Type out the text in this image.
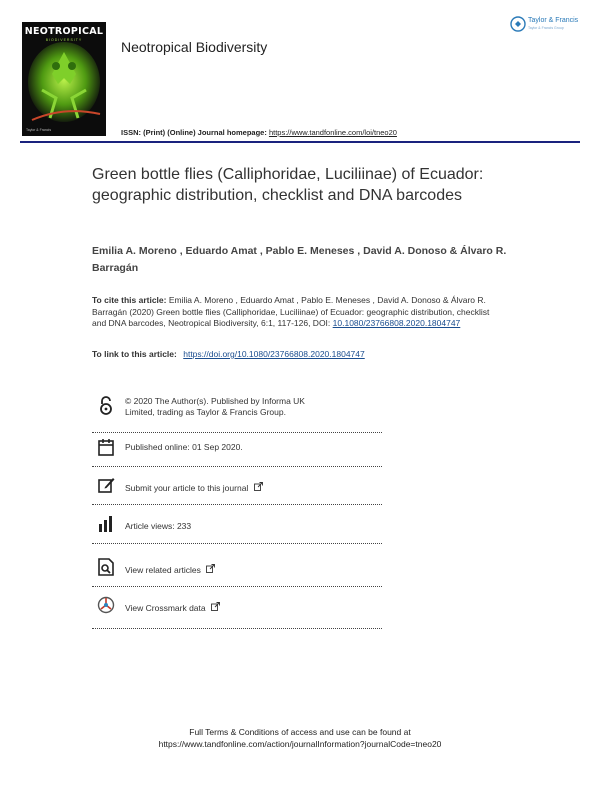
NEOTROPICAL
BIODIVERSITY
Taylor & Francis
Neotropical Biodiversity
Taylor & Francis
Taylor & Francis Group
ISSN: (Print) (Online) Journal homepage: https://www.tandfonline.com/loi/tneo20
Green bottle flies (Calliphoridae, Luciliinae) of Ecuador: geographic distribution, checklist and DNA barcodes
Emilia A. Moreno , Eduardo Amat , Pablo E. Meneses , David A. Donoso & Álvaro R. Barragán
To cite this article: Emilia A. Moreno , Eduardo Amat , Pablo E. Meneses , David A. Donoso & Álvaro R. Barragán (2020) Green bottle flies (Calliphoridae, Luciliinae) of Ecuador: geographic distribution, checklist and DNA barcodes, Neotropical Biodiversity, 6:1, 117-126, DOI: 10.1080/23766808.2020.1804747
To link to this article: https://doi.org/10.1080/23766808.2020.1804747
© 2020 The Author(s). Published by Informa UK Limited, trading as Taylor & Francis Group.
Published online: 01 Sep 2020.
Submit your article to this journal
Article views: 233
View related articles
View Crossmark data
Full Terms & Conditions of access and use can be found at
https://www.tandfonline.com/action/journalInformation?journalCode=tneo20
